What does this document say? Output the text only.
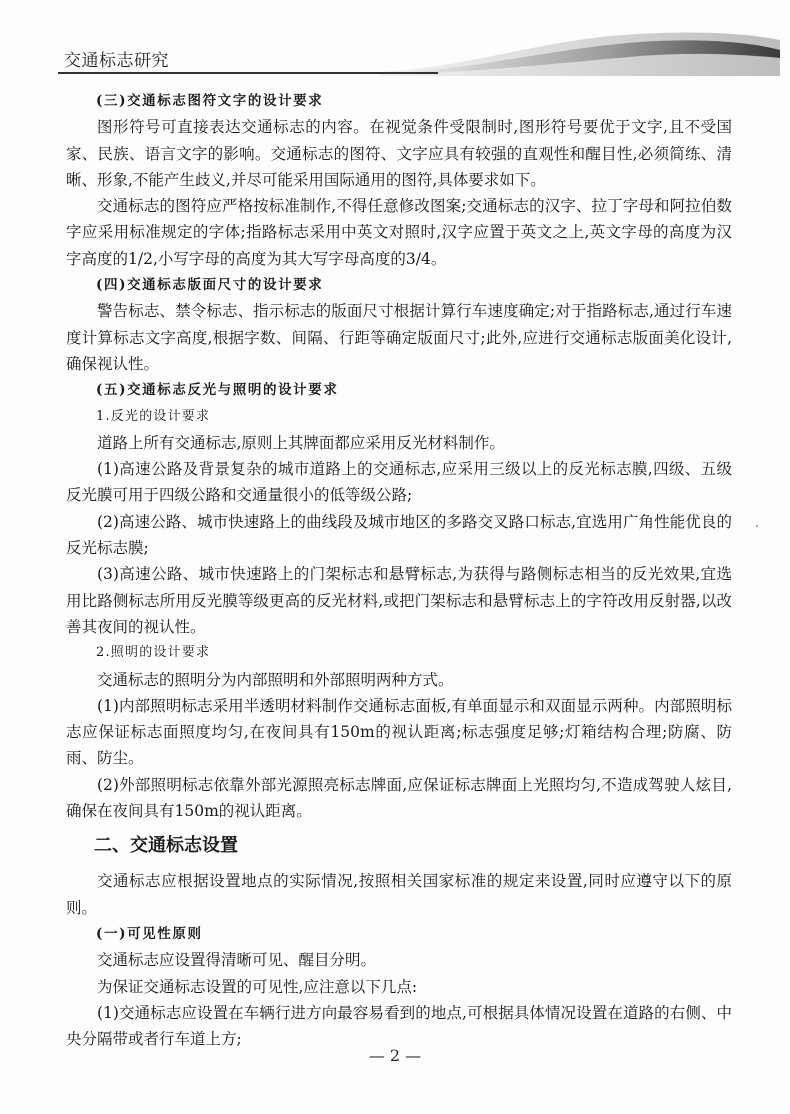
交通标志研究

(三)交通标志图符文字的设计要求

图形符号可直接表达交通标志的内容。在视觉条件受限制时,图形符号要优于文字,且不受国家、民族、语言文字的影响。交通标志的图符、文字应具有较强的直观性和醒目性,必须简练、清晰、形象,不能产生歧义,并尽可能采用国际通用的图符,具体要求如下。

交通标志的图符应严格按标准制作,不得任意修改图案;交通标志的汉字、拉丁字母和阿拉伯数字应采用标准规定的字体;指路标志采用中英文对照时,汉字应置于英文之上,英文字母的高度为汉字高度的1/2,小写字母的高度为其大写字母高度的3/4。

(四)交通标志版面尺寸的设计要求

警告标志、禁令标志、指示标志的版面尺寸根据计算行车速度确定;对于指路标志,通过行车速度计算标志文字高度,根据字数、间隔、行距等确定版面尺寸;此外,应进行交通标志版面美化设计,确保视认性。

(五)交通标志反光与照明的设计要求

1.反光的设计要求

道路上所有交通标志,原则上其牌面都应采用反光材料制作。

(1)高速公路及背景复杂的城市道路上的交通标志,应采用三级以上的反光标志膜,四级、五级反光膜可用于四级公路和交通量很小的低等级公路;

(2)高速公路、城市快速路上的曲线段及城市地区的多路交叉路口标志,宜选用广角性能优良的反光标志膜;

(3)高速公路、城市快速路上的门架标志和悬臂标志,为获得与路侧标志相当的反光效果,宜选用比路侧标志所用反光膜等级更高的反光材料,或把门架标志和悬臂标志上的字符改用反射器,以改善其夜间的视认性。

2.照明的设计要求

交通标志的照明分为内部照明和外部照明两种方式。

(1)内部照明标志采用半透明材料制作交通标志面板,有单面显示和双面显示两种。内部照明标志应保证标志面照度均匀,在夜间具有150m的视认距离;标志强度足够;灯箱结构合理;防腐、防雨、防尘。

(2)外部照明标志依靠外部光源照亮标志牌面,应保证标志牌面上光照均匀,不造成驾驶人炫目,确保在夜间具有150m的视认距离。

二、交通标志设置

交通标志应根据设置地点的实际情况,按照相关国家标准的规定来设置,同时应遵守以下的原则。

(一)可见性原则

交通标志应设置得清晰可见、醒目分明。

为保证交通标志设置的可见性,应注意以下几点:

(1)交通标志应设置在车辆行进方向最容易看到的地点,可根据具体情况设置在道路的右侧、中央分隔带或者行车道上方;

— 2 —
